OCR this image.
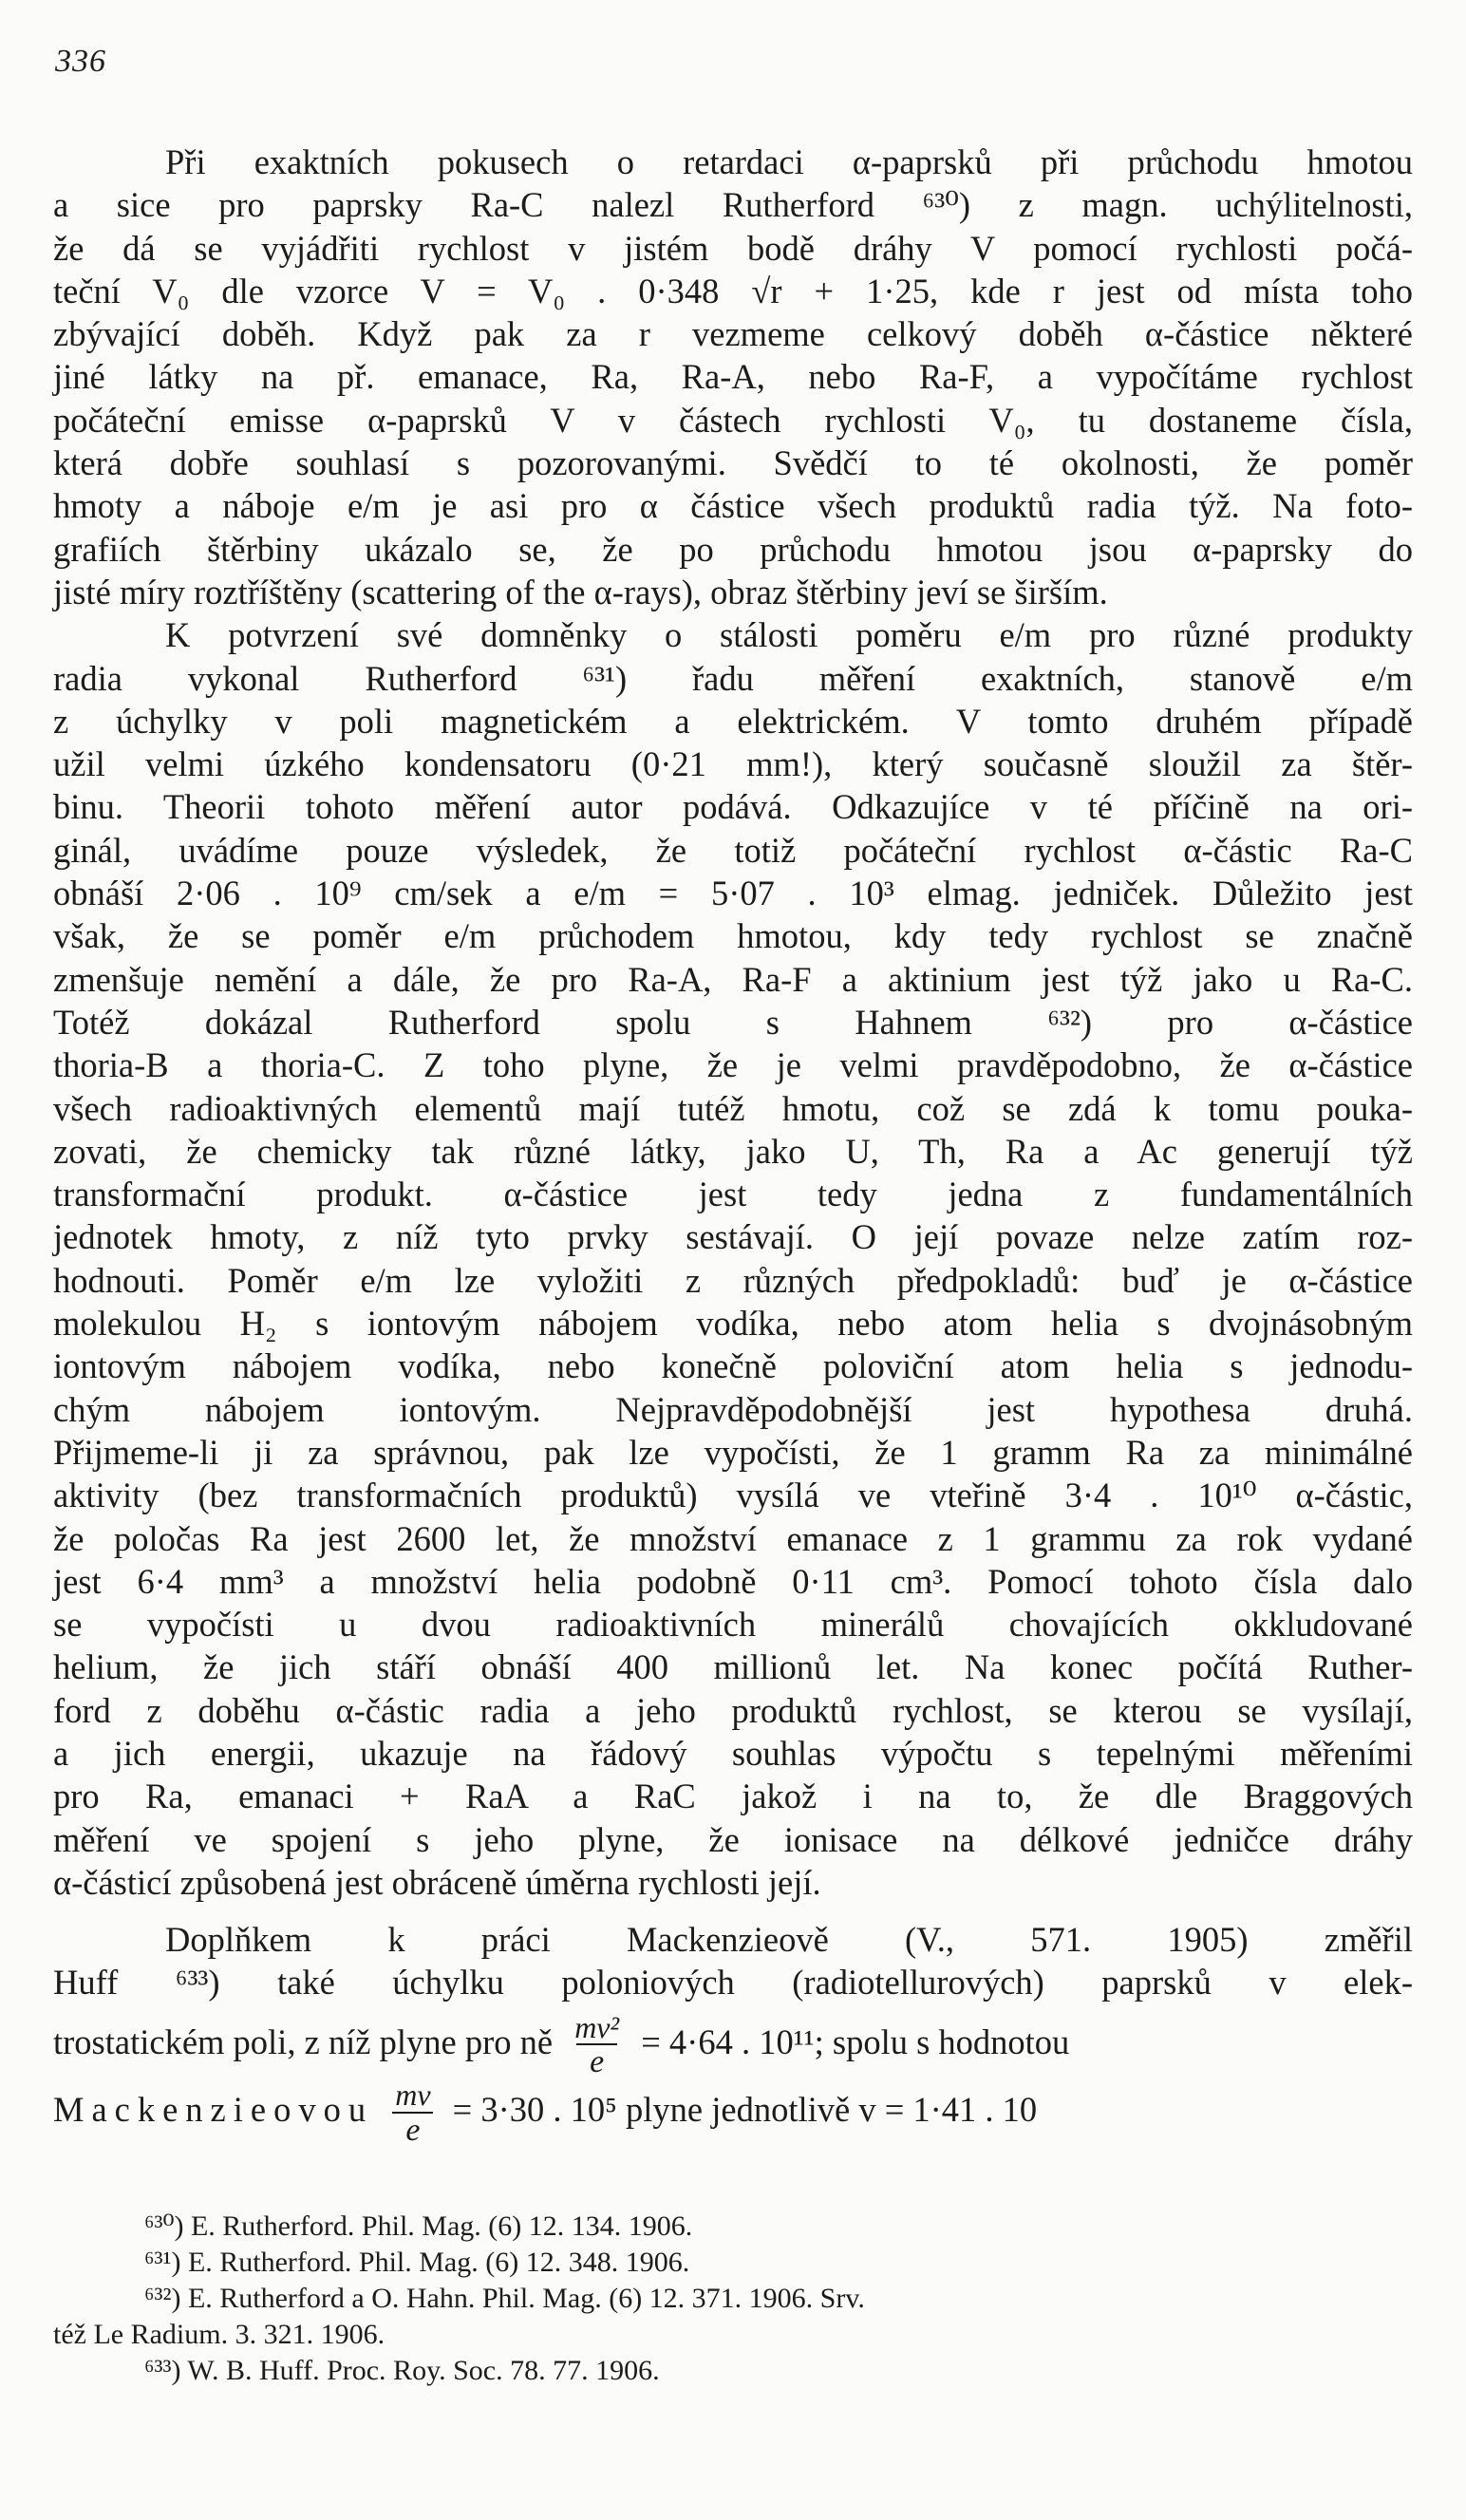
336
Při exaktních pokusech o retardaci α-paprsků při průchodu hmotou
a sice pro paprsky Ra-C nalezl Rutherford ⁶³⁰) z magn. uchýlitelnosti,
že dá se vyjádřiti rychlost v jistém bodě dráhy V pomocí rychlosti počá-
teční V₀ dle vzorce V = V₀ . 0·348 √r + 1·25, kde r jest od místa toho
zbývající doběh. Když pak za r vezmeme celkový doběh α-částice některé
jiné látky na př. emanace, Ra, Ra-A, nebo Ra-F, a vypočítáme rychlost
počáteční emisse α-paprsků V v částech rychlosti V₀, tu dostaneme čísla,
která dobře souhlasí s pozorovanými. Svědčí to té okolnosti, že poměr
hmoty a náboje e/m je asi pro α částice všech produktů radia týž. Na foto-
grafiích štěrbiny ukázalo se, že po průchodu hmotou jsou α-paprsky do
jisté míry roztříštěny (scattering of the α-rays), obraz štěrbiny jeví se širším.
K potvrzení své domněnky o stálosti poměru e/m pro různé produkty
radia vykonal Rutherford ⁶³¹) řadu měření exaktních, stanově e/m
z úchylky v poli magnetickém a elektrickém. V tomto druhém případě
užil velmi úzkého kondensatoru (0·21 mm!), který současně sloužil za štěr-
binu. Theorii tohoto měření autor podává. Odkazujíce v té příčině na ori-
ginál, uvádíme pouze výsledek, že totiž počáteční rychlost α-částic Ra-C
obnáší 2·06 . 10⁹ cm/sek a e/m = 5·07 . 10³ elmag. jedniček. Důležito jest
však, že se poměr e/m průchodem hmotou, kdy tedy rychlost se značně
zmenšuje nemění a dále, že pro Ra-A, Ra-F a aktinium jest týž jako u Ra-C.
Totéž dokázal Rutherford spolu s Hahnem ⁶³²) pro α-částice
thoria-B a thoria-C. Z toho plyne, že je velmi pravděpodobno, že α-částice
všech radioaktivných elementů mají tutéž hmotu, což se zdá k tomu pouka-
zovati, že chemicky tak různé látky, jako U, Th, Ra a Ac generují týž
transformační produkt. α-částice jest tedy jedna z fundamentálních
jednotek hmoty, z níž tyto prvky sestávají. O její povaze nelze zatím roz-
hodnouti. Poměr e/m lze vyložiti z různých předpokladů: buď je α-částice
molekulou H₂ s iontovým nábojem vodíka, nebo atom helia s dvojnásobným
iontovým nábojem vodíka, nebo konečně poloviční atom helia s jednodu-
chým nábojem iontovým. Nejpravděpodobnější jest hypothesa druhá.
Přijmeme-li ji za správnou, pak lze vypočísti, že 1 gramm Ra za minimálné
aktivity (bez transformačních produktů) vysílá ve vteřině 3·4 . 10¹⁰ α-částic,
že poločas Ra jest 2600 let, že množství emanace z 1 grammu za rok vydané
jest 6·4 mm³ a množství helia podobně 0·11 cm³. Pomocí tohoto čísla dalo
se vypočísti u dvou radioaktivních minerálů chovajících okkludované
helium, že jich stáří obnáší 400 millionů let. Na konec počítá Ruther-
ford z doběhu α-částic radia a jeho produktů rychlost, se kterou se vysílají,
a jich energii, ukazuje na řádový souhlas výpočtu s tepelnými měřeními
pro Ra, emanaci + RaA a RaC jakož i na to, že dle Braggových
měření ve spojení s jeho plyne, že ionisace na délkové jedničce dráhy
α-částicí způsobená jest obráceně úměrna rychlosti její.
Doplňkem k práci Mackenzieově (V., 571. 1905) změřil
Huff ⁶³³) také úchylku poloniových (radiotellurových) paprsků v elek-
trostatickém poli, z níž plyne pro ně $\frac{\text{mv²}}{e} = 4\cdot 64$ . 10¹¹; spolu s hodnotou
Mackenzieovou $\frac{mv}{e} = 3\cdot 30$ . 10⁵ plyne jednotlivě v = 1·41 . 10
⁶³⁰) E. Rutherford. Phil. Mag. (6) 12. 134. 1906.
⁶³¹) E. Rutherford. Phil. Mag. (6) 12. 348. 1906.
⁶³²) E. Rutherford a O. Hahn. Phil. Mag. (6) 12. 371. 1906. Srv.
též Le Radium. 3. 321. 1906.
⁶³³) W. B. Huff. Proc. Roy. Soc. 78. 77. 1906.
